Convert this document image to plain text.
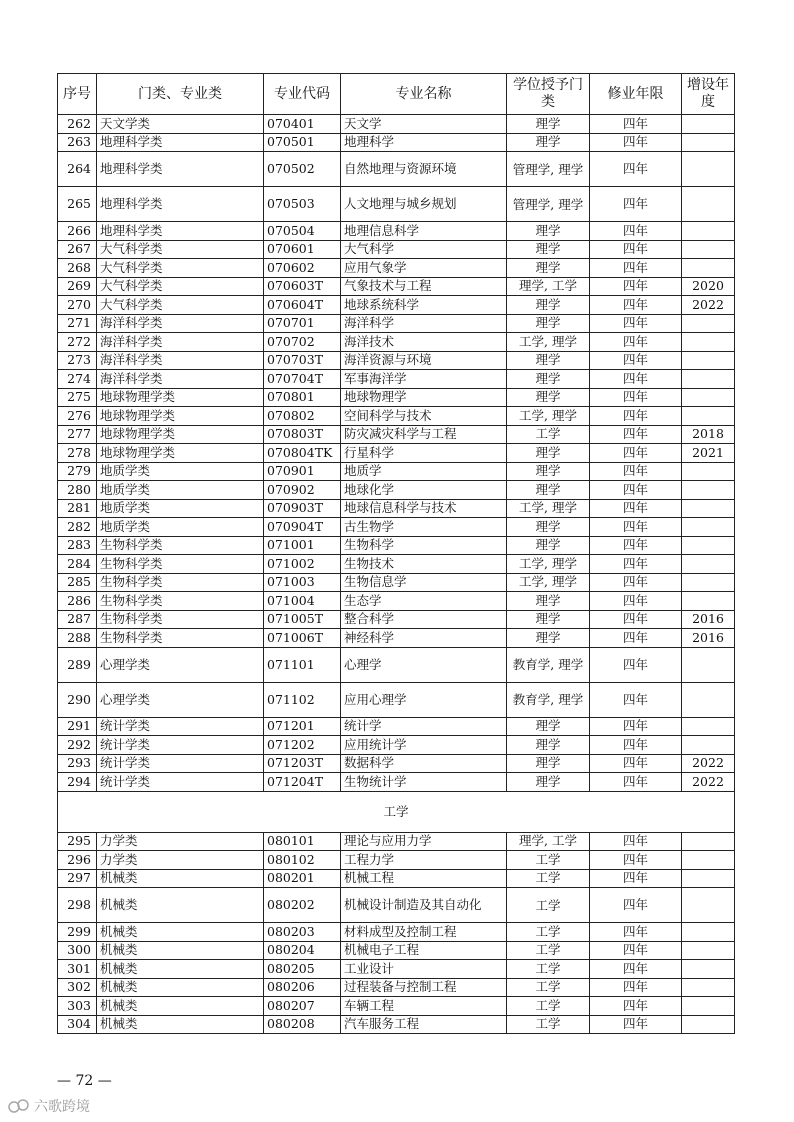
序号	门类、专业类	专业代码	专业名称	学位授予门类	修业年限	增设年度
262	天文学类	070401	天文学	理学	四年	
263	地理科学类	070501	地理科学	理学	四年	
264	地理科学类	070502	自然地理与资源环境	管理学, 理学	四年	
265	地理科学类	070503	人文地理与城乡规划	管理学, 理学	四年	
266	地理科学类	070504	地理信息科学	理学	四年	
267	大气科学类	070601	大气科学	理学	四年	
268	大气科学类	070602	应用气象学	理学	四年	
269	大气科学类	070603T	气象技术与工程	理学, 工学	四年	2020
270	大气科学类	070604T	地球系统科学	理学	四年	2022
271	海洋科学类	070701	海洋科学	理学	四年	
272	海洋科学类	070702	海洋技术	工学, 理学	四年	
273	海洋科学类	070703T	海洋资源与环境	理学	四年	
274	海洋科学类	070704T	军事海洋学	理学	四年	
275	地球物理学类	070801	地球物理学	理学	四年	
276	地球物理学类	070802	空间科学与技术	工学, 理学	四年	
277	地球物理学类	070803T	防灾减灾科学与工程	工学	四年	2018
278	地球物理学类	070804TK	行星科学	理学	四年	2021
279	地质学类	070901	地质学	理学	四年	
280	地质学类	070902	地球化学	理学	四年	
281	地质学类	070903T	地球信息科学与技术	工学, 理学	四年	
282	地质学类	070904T	古生物学	理学	四年	
283	生物科学类	071001	生物科学	理学	四年	
284	生物科学类	071002	生物技术	工学, 理学	四年	
285	生物科学类	071003	生物信息学	工学, 理学	四年	
286	生物科学类	071004	生态学	理学	四年	
287	生物科学类	071005T	整合科学	理学	四年	2016
288	生物科学类	071006T	神经科学	理学	四年	2016
289	心理学类	071101	心理学	教育学, 理学	四年	
290	心理学类	071102	应用心理学	教育学, 理学	四年	
291	统计学类	071201	统计学	理学	四年	
292	统计学类	071202	应用统计学	理学	四年	
293	统计学类	071203T	数据科学	理学	四年	2022
294	统计学类	071204T	生物统计学	理学	四年	2022
工学						
295	力学类	080101	理论与应用力学	理学, 工学	四年	
296	力学类	080102	工程力学	工学	四年	
297	机械类	080201	机械工程	工学	四年	
298	机械类	080202	机械设计制造及其自动化	工学	四年	
299	机械类	080203	材料成型及控制工程	工学	四年	
300	机械类	080204	机械电子工程	工学	四年	
301	机械类	080205	工业设计	工学	四年	
302	机械类	080206	过程装备与控制工程	工学	四年	
303	机械类	080207	车辆工程	工学	四年	
304	机械类	080208	汽车服务工程	工学	四年	
— 72 —
六歌跨境
